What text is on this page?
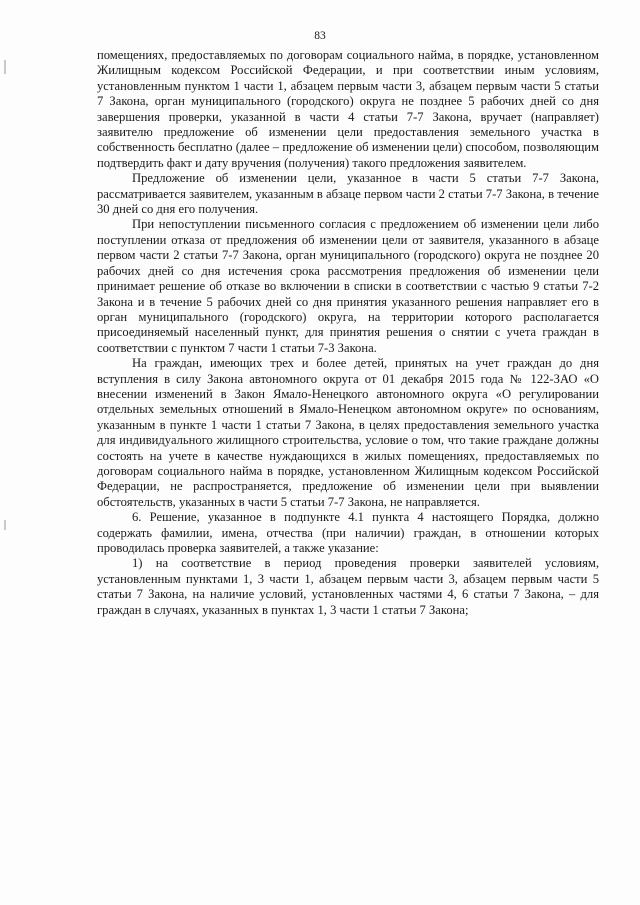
83

помещениях, предоставляемых по договорам социального найма, в порядке, установленном Жилищным кодексом Российской Федерации, и при соответствии иным условиям, установленным пунктом 1 части 1, абзацем первым части 3, абзацем первым части 5 статьи 7 Закона, орган муниципального (городского) округа не позднее 5 рабочих дней со дня завершения проверки, указанной в части 4 статьи 7-7 Закона, вручает (направляет) заявителю предложение об изменении цели предоставления земельного участка в собственность бесплатно (далее – предложение об изменении цели) способом, позволяющим подтвердить факт и дату вручения (получения) такого предложения заявителем.

Предложение об изменении цели, указанное в части 5 статьи 7-7 Закона, рассматривается заявителем, указанным в абзаце первом части 2 статьи 7-7 Закона, в течение 30 дней со дня его получения.

При непоступлении письменного согласия с предложением об изменении цели либо поступлении отказа от предложения об изменении цели от заявителя, указанного в абзаце первом части 2 статьи 7-7 Закона, орган муниципального (городского) округа не позднее 20 рабочих дней со дня истечения срока рассмотрения предложения об изменении цели принимает решение об отказе во включении в списки в соответствии с частью 9 статьи 7-2 Закона и в течение 5 рабочих дней со дня принятия указанного решения направляет его в орган муниципального (городского) округа, на территории которого располагается присоединяемый населенный пункт, для принятия решения о снятии с учета граждан в соответствии с пунктом 7 части 1 статьи 7-3 Закона.

На граждан, имеющих трех и более детей, принятых на учет граждан до дня вступления в силу Закона автономного округа от 01 декабря 2015 года № 122-ЗАО «О внесении изменений в Закон Ямало-Ненецкого автономного округа «О регулировании отдельных земельных отношений в Ямало-Ненецком автономном округе» по основаниям, указанным в пункте 1 части 1 статьи 7 Закона, в целях предоставления земельного участка для индивидуального жилищного строительства, условие о том, что такие граждане должны состоять на учете в качестве нуждающихся в жилых помещениях, предоставляемых по договорам социального найма в порядке, установленном Жилищным кодексом Российской Федерации, не распространяется, предложение об изменении цели при выявлении обстоятельств, указанных в части 5 статьи 7-7 Закона, не направляется.

6. Решение, указанное в подпункте 4.1 пункта 4 настоящего Порядка, должно содержать фамилии, имена, отчества (при наличии) граждан, в отношении которых проводилась проверка заявителей, а также указание:

1) на соответствие в период проведения проверки заявителей условиям, установленным пунктами 1, 3 части 1, абзацем первым части 3, абзацем первым части 5 статьи 7 Закона, на наличие условий, установленных частями 4, 6 статьи 7 Закона, – для граждан в случаях, указанных в пунктах 1, 3 части 1 статьи 7 Закона;
